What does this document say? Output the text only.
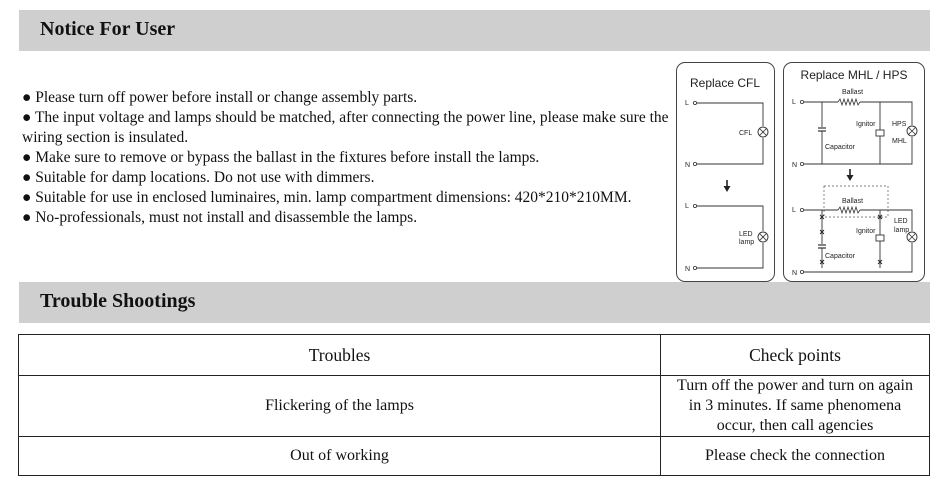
Notice For User
● Please turn off power before install or change assembly parts.
● The input voltage and lamps should be matched, after connecting the power line, please make sure the wiring section is insulated.
● Make sure to remove or bypass the ballast in the fixtures before install the lamps.
● Suitable for damp locations. Do not use with dimmers.
● Suitable for use in enclosed luminaires, min. lamp compartment dimensions: 420*210*210MM.
● No-professionals, must not install and disassemble the lamps.
Replace CFL
L
CFL
N
L
LED
lamp
N
Replace MHL / HPS
L
Ballast
Capacitor
Ignitor HPS
MHL
N
L
Ballast
Capacitor
Ignitor
LED
lamp
N
Trouble Shootings
Troubles	Check points
Flickering of the lamps	Turn off the power and turn on again
in 3 minutes. If same phenomena
occur, then call agencies

Out of working	Please check the connection
